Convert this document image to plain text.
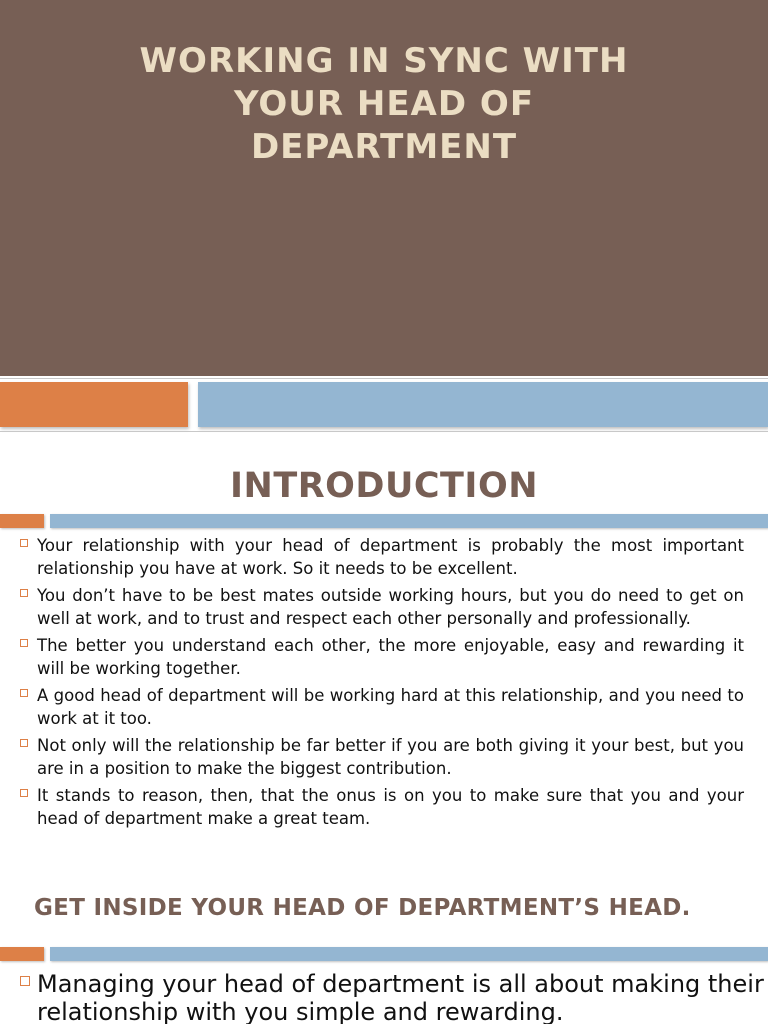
WORKING IN SYNC WITH
YOUR HEAD OF
DEPARTMENT
INTRODUCTION
Your relationship with your head of department is probably the most important relationship you have at work. So it needs to be excellent.
You don’t have to be best mates outside working hours, but you do need to get on well at work, and to trust and respect each other personally and professionally.
The better you understand each other, the more enjoyable, easy and rewarding it will be working together.
A good head of department will be working hard at this relationship, and you need to work at it too.
Not only will the relationship be far better if you are both giving it your best, but you are in a position to make the biggest contribution.
It stands to reason, then, that the onus is on you to make sure that you and your head of department make a great team.
GET INSIDE YOUR HEAD OF DEPARTMENT’S HEAD.
Managing your head of department is all about making their relationship with you simple and rewarding.
